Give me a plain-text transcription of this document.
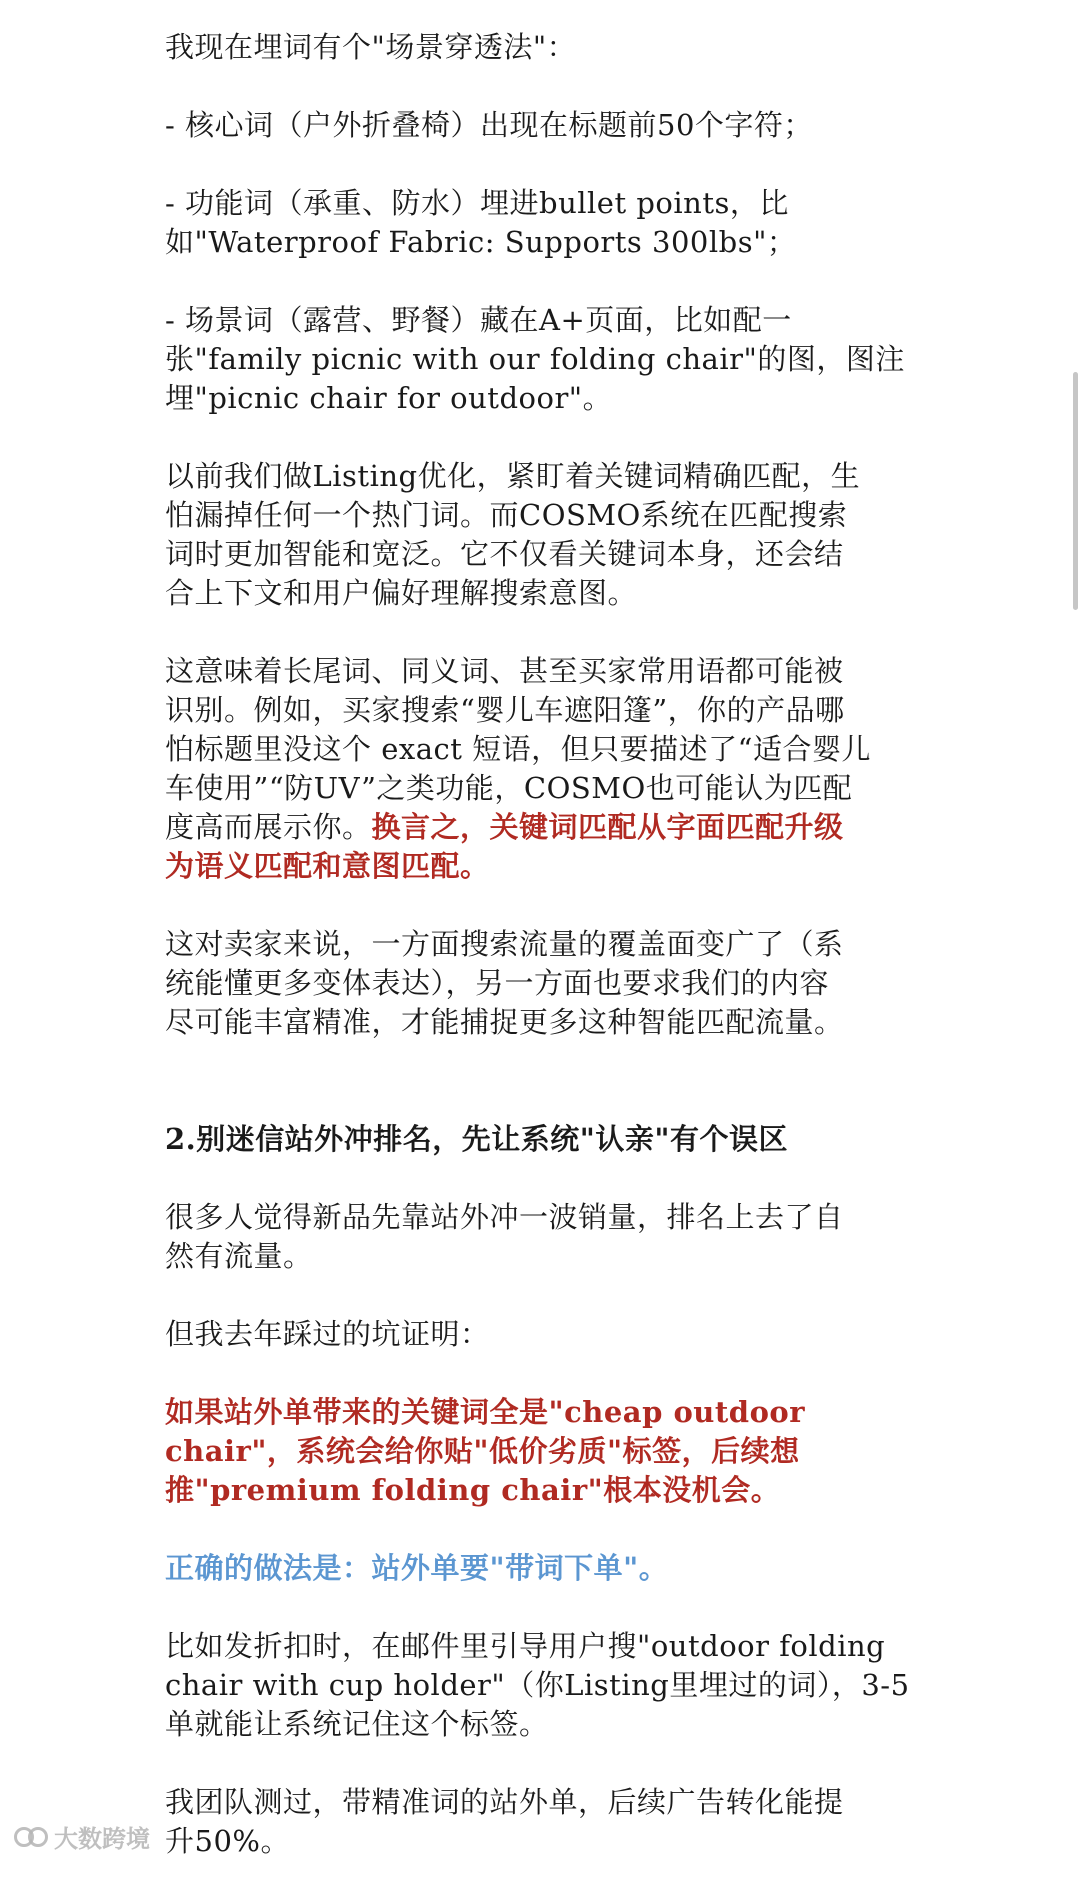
我现在埋词有个"场景穿透法"：

- 核心词（户外折叠椅）出现在标题前50个字符；

- 功能词（承重、防水）埋进bullet points，比
如"Waterproof Fabric: Supports 300lbs"；

- 场景词（露营、野餐）藏在A+页面，比如配一
张"family picnic with our folding chair"的图，图注
埋"picnic chair for outdoor"。

以前我们做Listing优化，紧盯着关键词精确匹配，生
怕漏掉任何一个热门词。而COSMO系统在匹配搜索
词时更加智能和宽泛。它不仅看关键词本身，还会结
合上下文和用户偏好理解搜索意图。

这意味着长尾词、同义词、甚至买家常用语都可能被
识别。例如，买家搜索“婴儿车遮阳篷”，你的产品哪
怕标题里没这个 exact 短语，但只要描述了“适合婴儿
车使用”“防UV”之类功能，COSMO也可能认为匹配
度高而展示你。换言之，关键词匹配从字面匹配升级
为语义匹配和意图匹配。

这对卖家来说，一方面搜索流量的覆盖面变广了（系
统能懂更多变体表达），另一方面也要求我们的内容
尽可能丰富精准，才能捕捉更多这种智能匹配流量。

2.别迷信站外冲排名，先让系统"认亲"有个误区

很多人觉得新品先靠站外冲一波销量，排名上去了自
然有流量。

但我去年踩过的坑证明：

如果站外单带来的关键词全是"cheap outdoor
chair"，系统会给你贴"低价劣质"标签，后续想
推"premium folding chair"根本没机会。

正确的做法是：站外单要"带词下单"。

比如发折扣时，在邮件里引导用户搜"outdoor folding
chair with cup holder"（你Listing里埋过的词），3-5
单就能让系统记住这个标签。

我团队测过，带精准词的站外单，后续广告转化能提
升50%。

大数跨境
